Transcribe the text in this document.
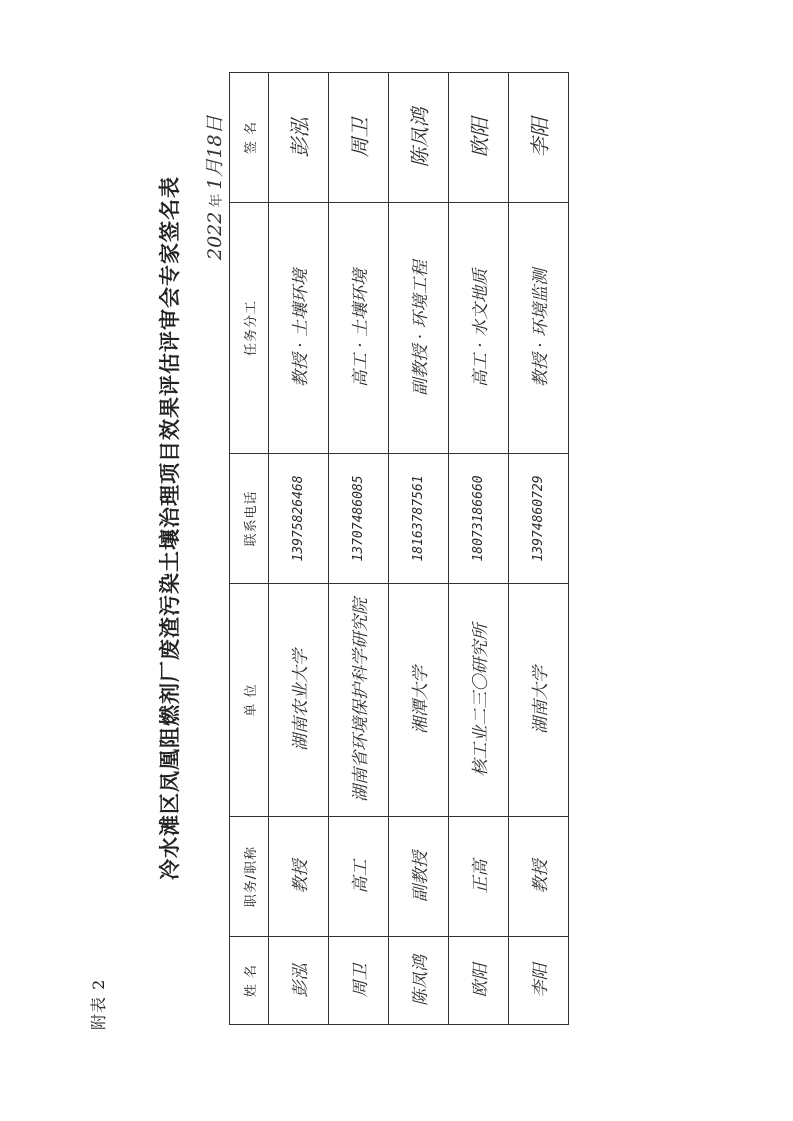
附表 2
冷水滩区凤凰阻燃剂厂废渣污染土壤治理项目效果评估评审会专家签名表 2022年1月18日
姓 名	职务/职称	单 位	联系电话	任务分工	签 名
彭泓	教授	湖南农业大学	13975826468	教授 · 土壤环境	彭泓
周卫	高工	湖南省环境保护科学研究院	13707486085	高工 · 土壤环境	周卫
陈凤鸿	副教授	湘潭大学	18163787561	副教授 · 环境工程	陈凤鸿
欧阳	正高	核工业二三〇研究所	18073186660	高工 · 水文地质	欧阳
李阳	教授	湖南大学	13974860729	教授 · 环境监测	李阳
